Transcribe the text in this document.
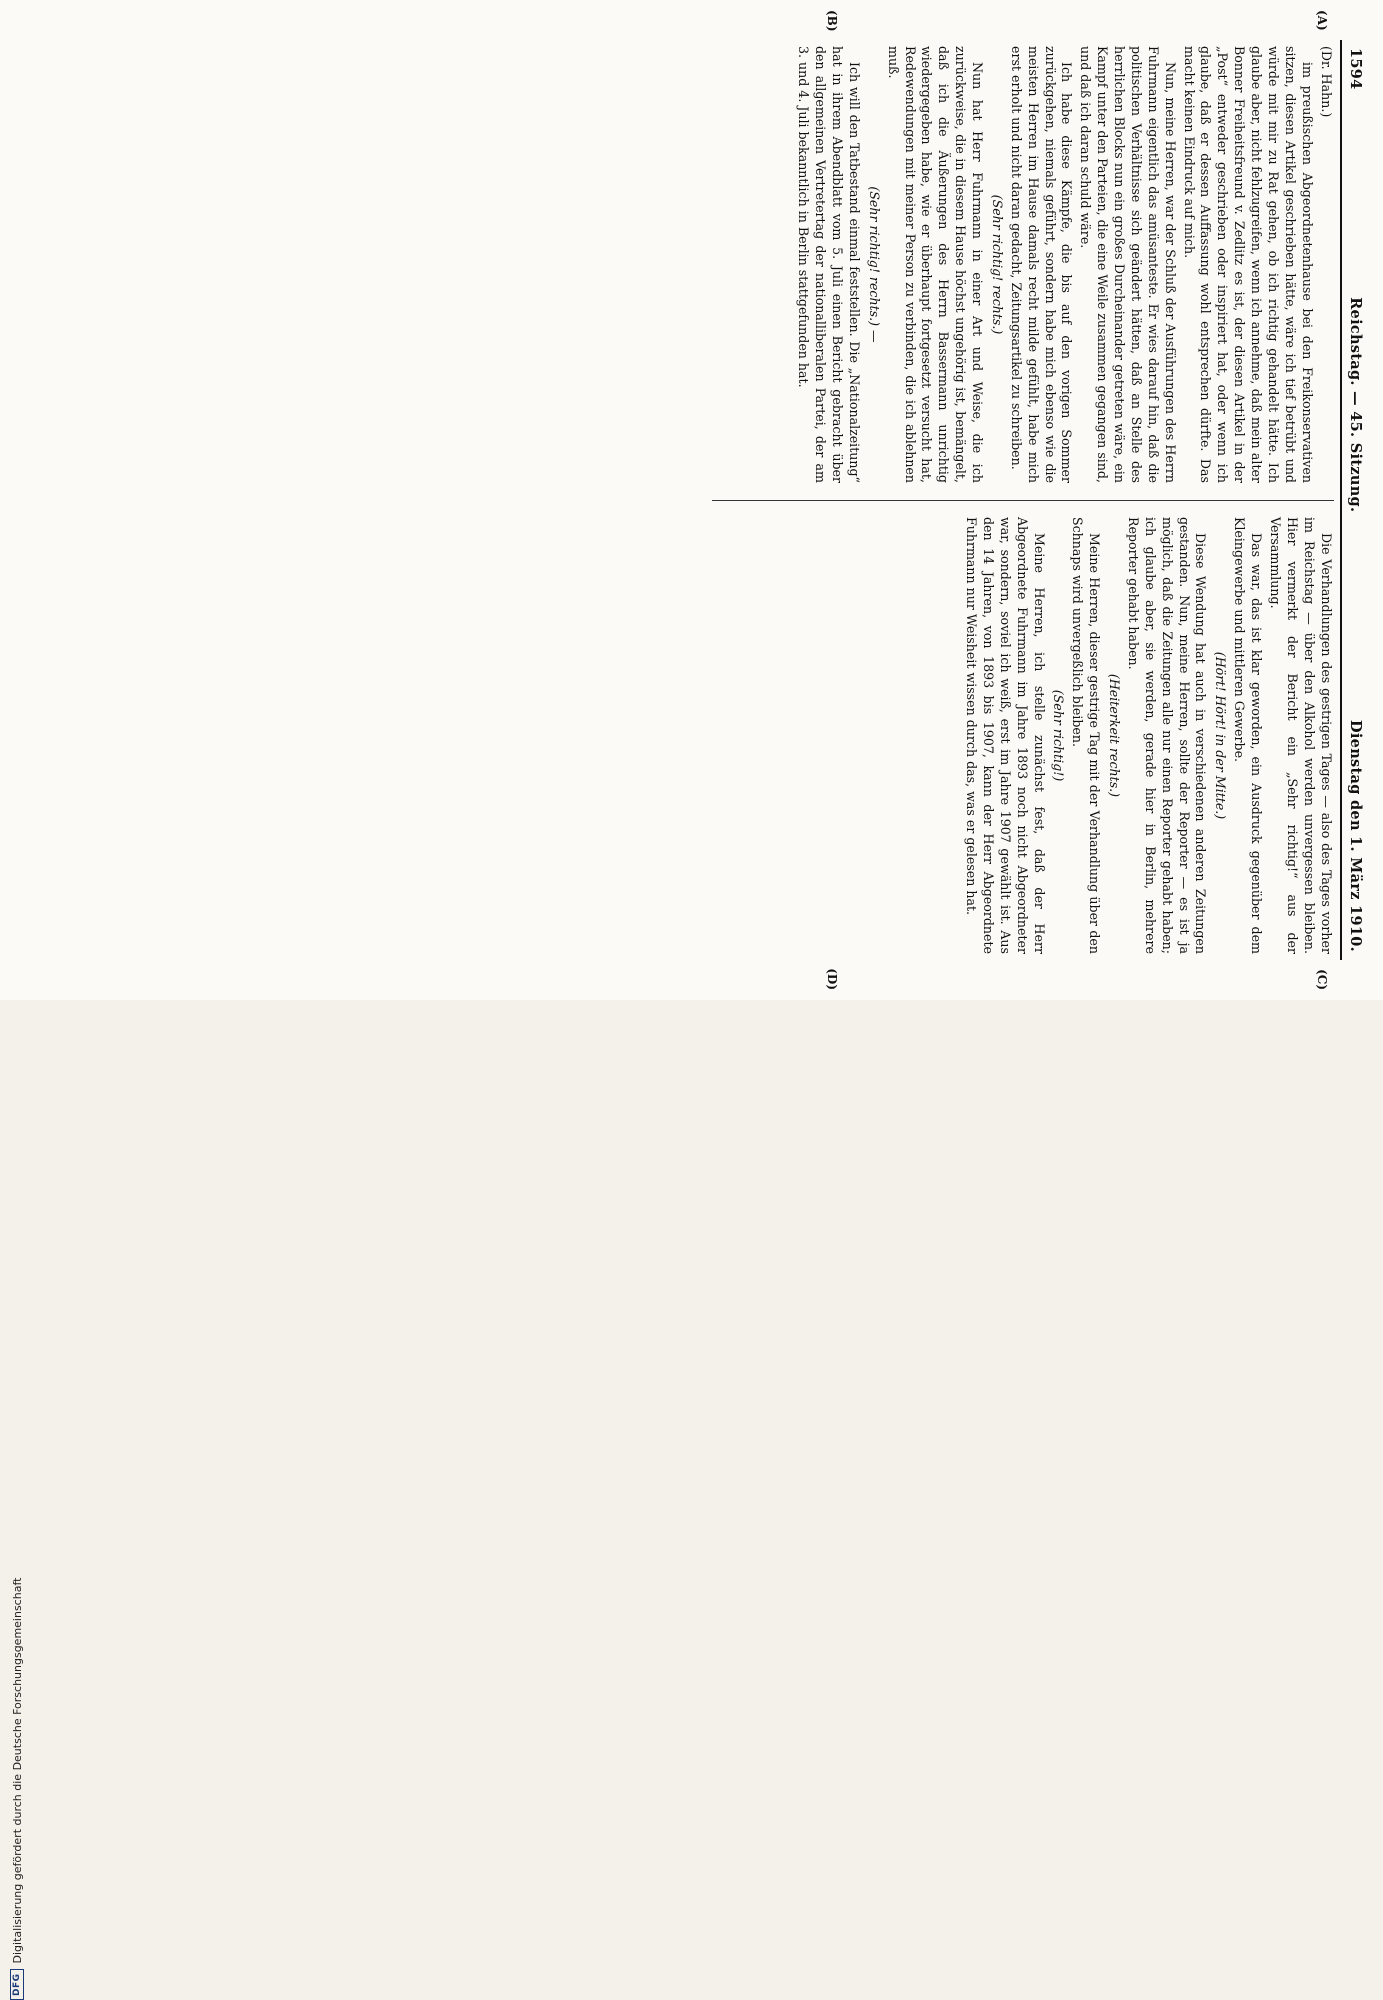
1594
Reichstag. — 45. Sitzung.
Dienstag den 1. März 1910.
(A)
(B)
(C)
(D)

(Dr. Hahn.)

im preußischen Abgeordnetenhause bei den Freikonservativen sitzen, diesen Artikel geschrieben hätte, wäre ich tief betrübt und würde mit mir zu Rat gehen, ob ich richtig gehandelt hätte. Ich glaube aber, nicht fehlzugreifen, wenn ich annehme, daß mein alter Bonner Freiheitsfreund v. Zedlitz es ist, der diesen Artikel in der „Post“ entweder geschrieben oder inspiriert hat, oder wenn ich glaube, daß er dessen Auffassung wohl entsprechen dürfte. Das macht keinen Eindruck auf mich.

Nun, meine Herren, war der Schluß der Ausführungen des Herrn Fuhrmann eigentlich das amüsanteste. Er wies darauf hin, daß die politischen Verhältnisse sich geändert hätten, daß an Stelle des herrlichen Blocks nun ein großes Durcheinander getreten wäre, ein Kampf unter den Parteien, die eine Weile zusammen gegangen sind, und daß ich daran schuld wäre.

Ich habe diese Kämpfe, die bis auf den vorigen Sommer zurückgehen, niemals geführt, sondern habe mich ebenso wie die meisten Herren im Hause damals recht milde gefühlt, habe mich erst erholt und nicht daran gedacht, Zeitungsartikel zu schreiben.

(Sehr richtig! rechts.)

Nun hat Herr Fuhrmann in einer Art und Weise, die ich zurückweise, die in diesem Hause höchst ungehörig ist, bemängelt, daß ich die Äußerungen des Herrn Bassermann unrichtig wiedergegeben habe, wie er überhaupt fortgesetzt versucht hat, Redewendungen mit meiner Person zu verbinden, die ich ablehnen muß.

(Sehr richtig! rechts.) —

Ich will den Tatbestand einmal feststellen. Die „Nationalzeitung“ hat in ihrem Abendblatt vom 5. Juli einen Bericht gebracht über den allgemeinen Vertretertag der nationalliberalen Partei, der am 3. und 4. Juli bekanntlich in Berlin stattgefunden hat.

Die Verhandlungen des gestrigen Tages — also des Tages vorher im Reichstag — über den Alkohol werden unvergessen bleiben. Hier vermerkt der Bericht ein „Sehr richtig!“ aus der Versammlung.

Das war, das ist klar geworden, ein Ausdruck gegenüber dem Kleingewerbe und mittleren Gewerbe.

(Hört! Hört! in der Mitte.)

Diese Wendung hat auch in verschiedenen anderen Zeitungen gestanden. Nun, meine Herren, sollte der Reporter — es ist ja möglich, daß die Zeitungen alle nur einen Reporter gehabt haben; ich glaube aber, sie werden, gerade hier in Berlin, mehrere Reporter gehabt haben.

(Heiterkeit rechts.)

Meine Herren, dieser gestrige Tag mit der Verhandlung über den Schnaps wird unvergeßlich bleiben.

(Sehr richtig!)

Meine Herren, ich stelle zunächst fest, daß der Herr Abgeordnete Fuhrmann im Jahre 1893 noch nicht Abgeordneter war, sondern, soviel ich weiß, erst im Jahre 1907 gewählt ist. Aus den 14 Jahren, von 1893 bis 1907, kann der Herr Abgeordnete Fuhrmann nur Weisheit wissen durch das, was er gelesen hat.

DFG
Digitalisierung gefördert durch die Deutsche Forschungsgemeinschaft
